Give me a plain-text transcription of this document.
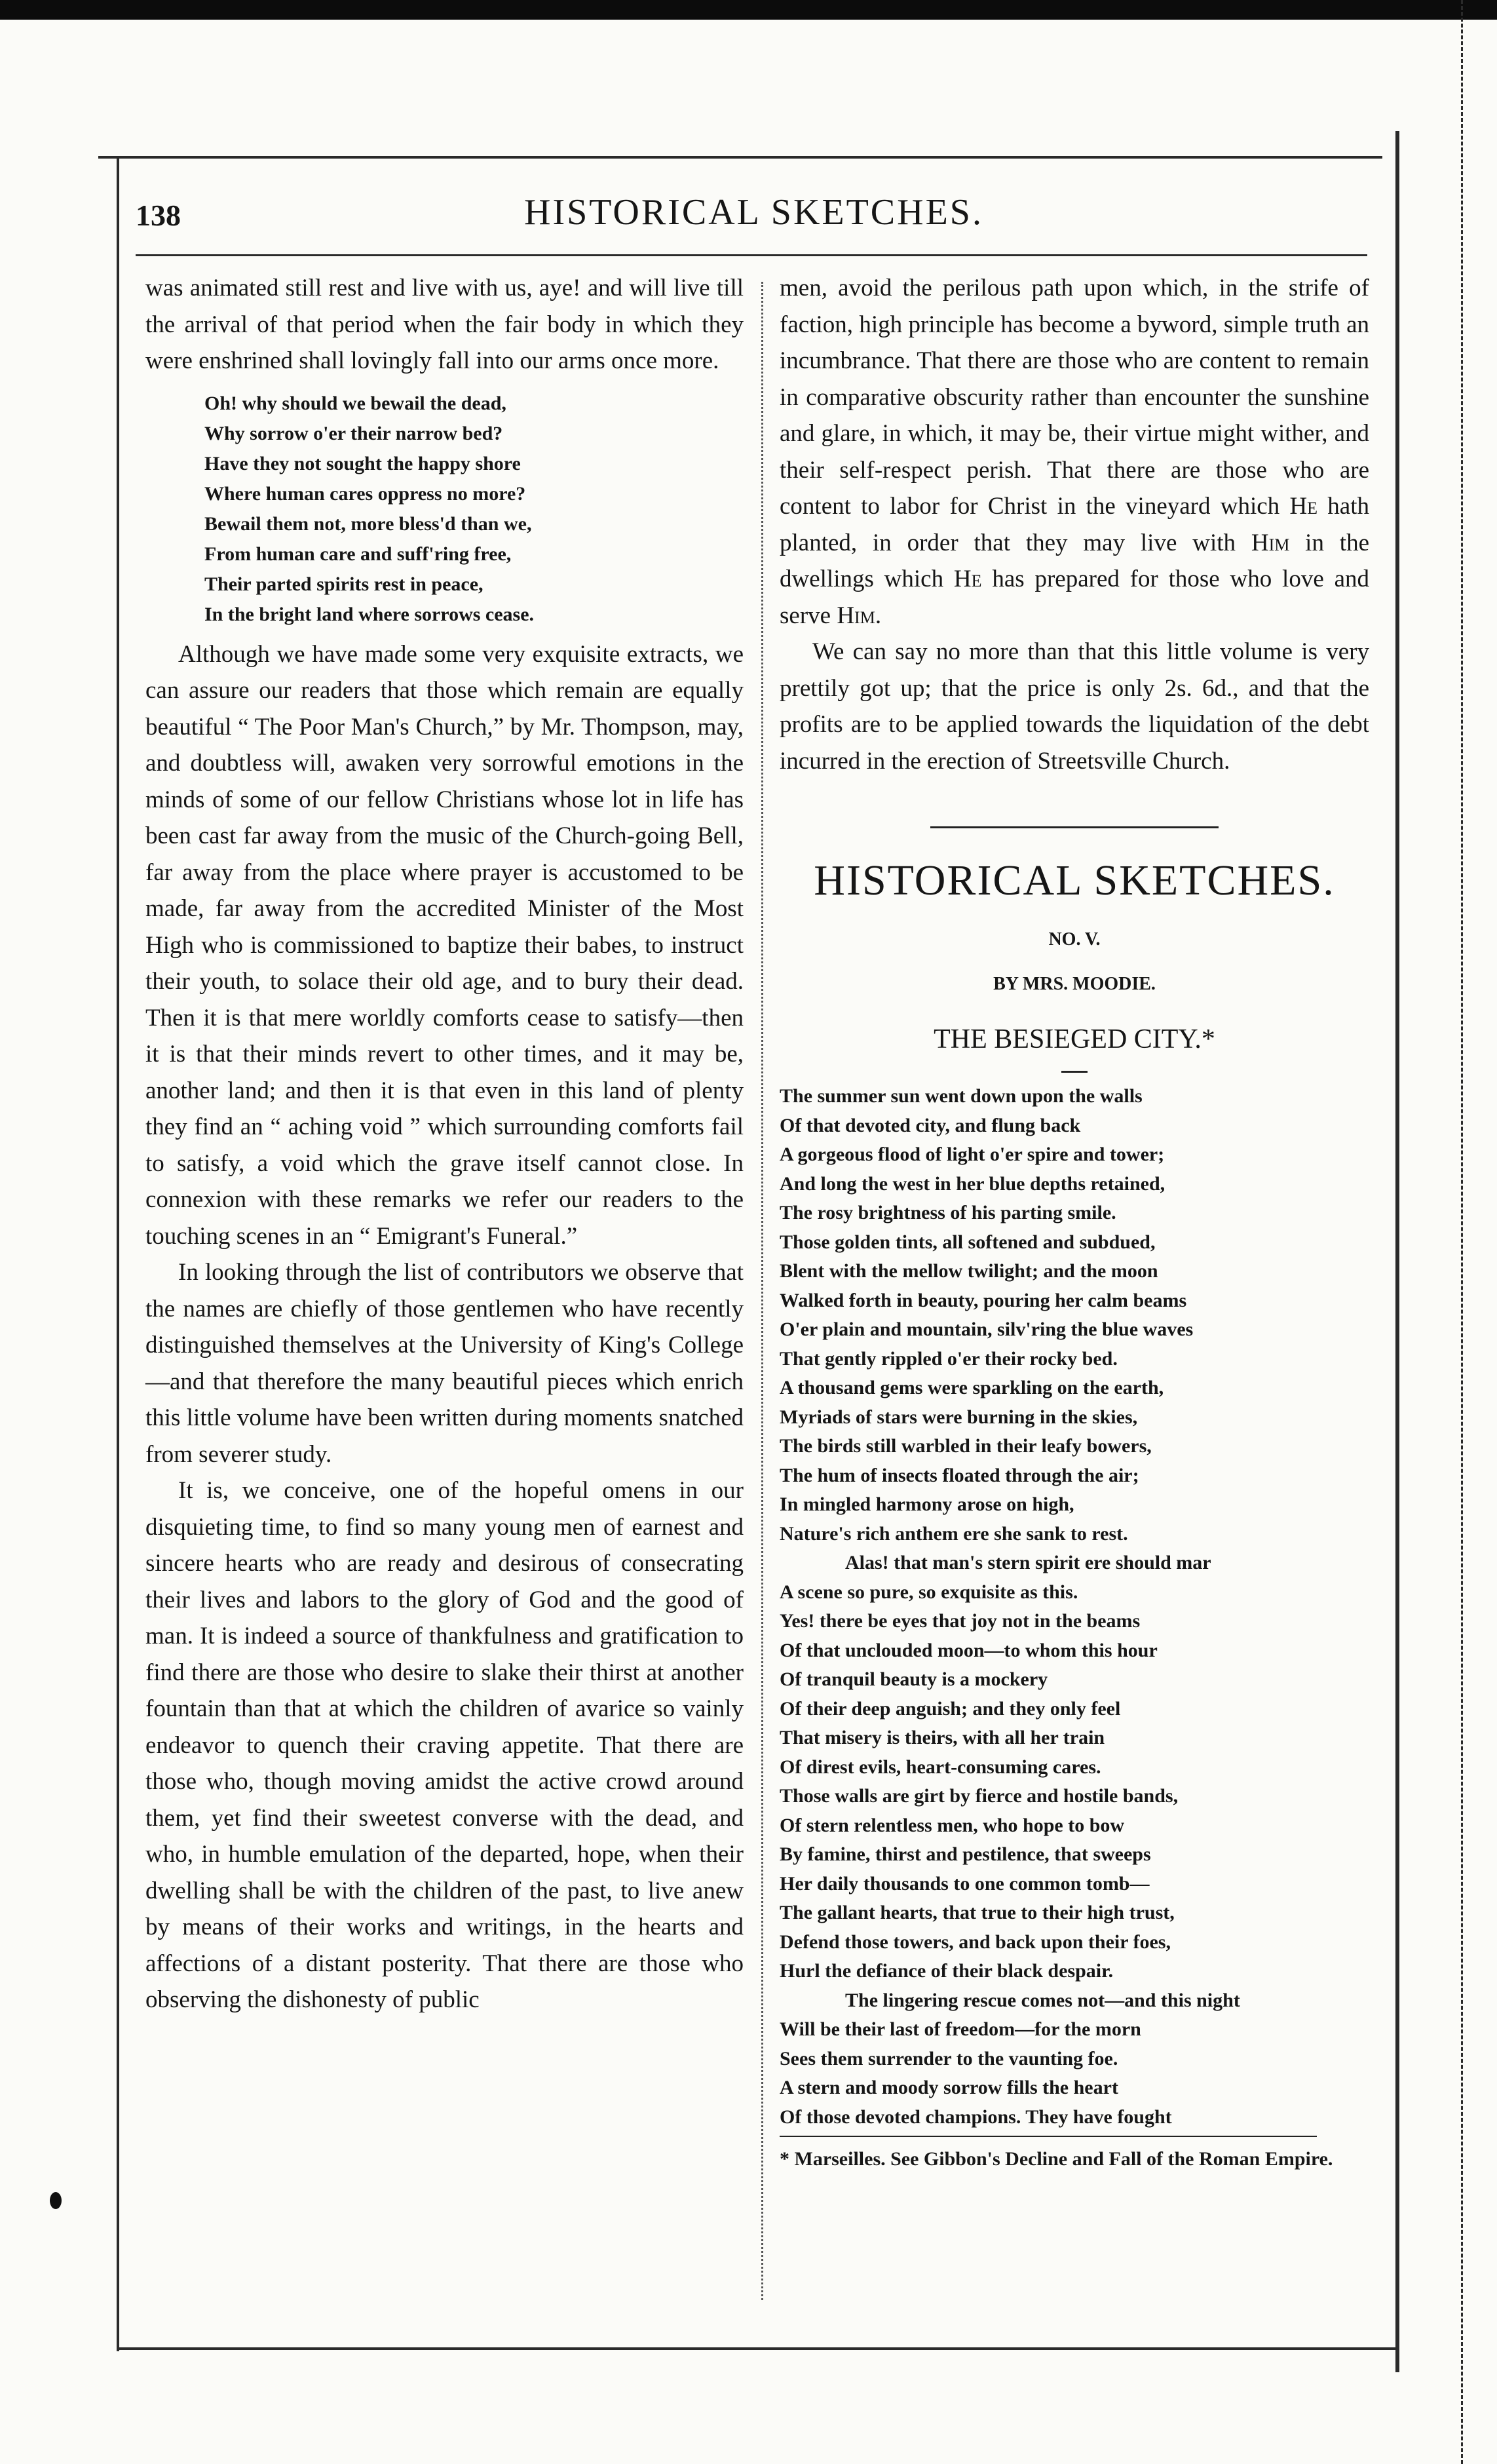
138	HISTORICAL SKETCHES.

was animated still rest and live with us, aye! and will live till the arrival of that period when the fair body in which they were enshrined shall lovingly fall into our arms once more.

Oh! why should we bewail the dead,
Why sorrow o'er their narrow bed?
Have they not sought the happy shore
Where human cares oppress no more?
Bewail them not, more bless'd than we,
From human care and suff'ring free,
Their parted spirits rest in peace,
In the bright land where sorrows cease.

Although we have made some very exquisite extracts, we can assure our readers that those which remain are equally beautiful “ The Poor Man's Church,” by Mr. Thompson, may, and doubtless will, awaken very sorrowful emotions in the minds of some of our fellow Christians whose lot in life has been cast far away from the music of the Church-going Bell, far away from the place where prayer is accustomed to be made, far away from the accredited Minister of the Most High who is commissioned to baptize their babes, to instruct their youth, to solace their old age, and to bury their dead. Then it is that mere worldly comforts cease to satisfy—then it is that their minds revert to other times, and it may be, another land; and then it is that even in this land of plenty they find an “ aching void ” which surrounding comforts fail to satisfy, a void which the grave itself cannot close. In connexion with these remarks we refer our readers to the touching scenes in an “ Emigrant's Funeral.”

In looking through the list of contributors we observe that the names are chiefly of those gentlemen who have recently distinguished themselves at the University of King's College—and that therefore the many beautiful pieces which enrich this little volume have been written during moments snatched from severer study.

It is, we conceive, one of the hopeful omens in our disquieting time, to find so many young men of earnest and sincere hearts who are ready and desirous of consecrating their lives and labors to the glory of God and the good of man. It is indeed a source of thankfulness and gratification to find there are those who desire to slake their thirst at another fountain than that at which the children of avarice so vainly endeavor to quench their craving appetite. That there are those who, though moving amidst the active crowd around them, yet find their sweetest converse with the dead, and who, in humble emulation of the departed, hope, when their dwelling shall be with the children of the past, to live anew by means of their works and writings, in the hearts and affections of a distant posterity. That there are those who observing the dishonesty of public

men, avoid the perilous path upon which, in the strife of faction, high principle has become a byword, simple truth an incumbrance. That there are those who are content to remain in comparative obscurity rather than encounter the sunshine and glare, in which, it may be, their virtue might wither, and their self-respect perish. That there are those who are content to labor for Christ in the vineyard which He hath planted, in order that they may live with Him in the dwellings which He has prepared for those who love and serve Him.

We can say no more than that this little volume is very prettily got up; that the price is only 2s. 6d., and that the profits are to be applied towards the liquidation of the debt incurred in the erection of Streetsville Church.

HISTORICAL SKETCHES.
NO. V.
BY MRS. MOODIE.
THE BESIEGED CITY.*
The summer sun went down upon the walls
Of that devoted city, and flung back
A gorgeous flood of light o'er spire and tower;
And long the west in her blue depths retained,
The rosy brightness of his parting smile.
Those golden tints, all softened and subdued,
Blent with the mellow twilight; and the moon
Walked forth in beauty, pouring her calm beams
O'er plain and mountain, silv'ring the blue waves
That gently rippled o'er their rocky bed.
A thousand gems were sparkling on the earth,
Myriads of stars were burning in the skies,
The birds still warbled in their leafy bowers,
The hum of insects floated through the air;
In mingled harmony arose on high,
Nature's rich anthem ere she sank to rest.
Alas! that man's stern spirit ere should mar
A scene so pure, so exquisite as this.
Yes! there be eyes that joy not in the beams
Of that unclouded moon—to whom this hour
Of tranquil beauty is a mockery
Of their deep anguish; and they only feel
That misery is theirs, with all her train
Of direst evils, heart-consuming cares.
Those walls are girt by fierce and hostile bands,
Of stern relentless men, who hope to bow
By famine, thirst and pestilence, that sweeps
Her daily thousands to one common tomb—
The gallant hearts, that true to their high trust,
Defend those towers, and back upon their foes,
Hurl the defiance of their black despair.
The lingering rescue comes not—and this night
Will be their last of freedom—for the morn
Sees them surrender to the vaunting foe.
A stern and moody sorrow fills the heart
Of those devoted champions. They have fought
* Marseilles. See Gibbon's Decline and Fall of the Roman Empire.
